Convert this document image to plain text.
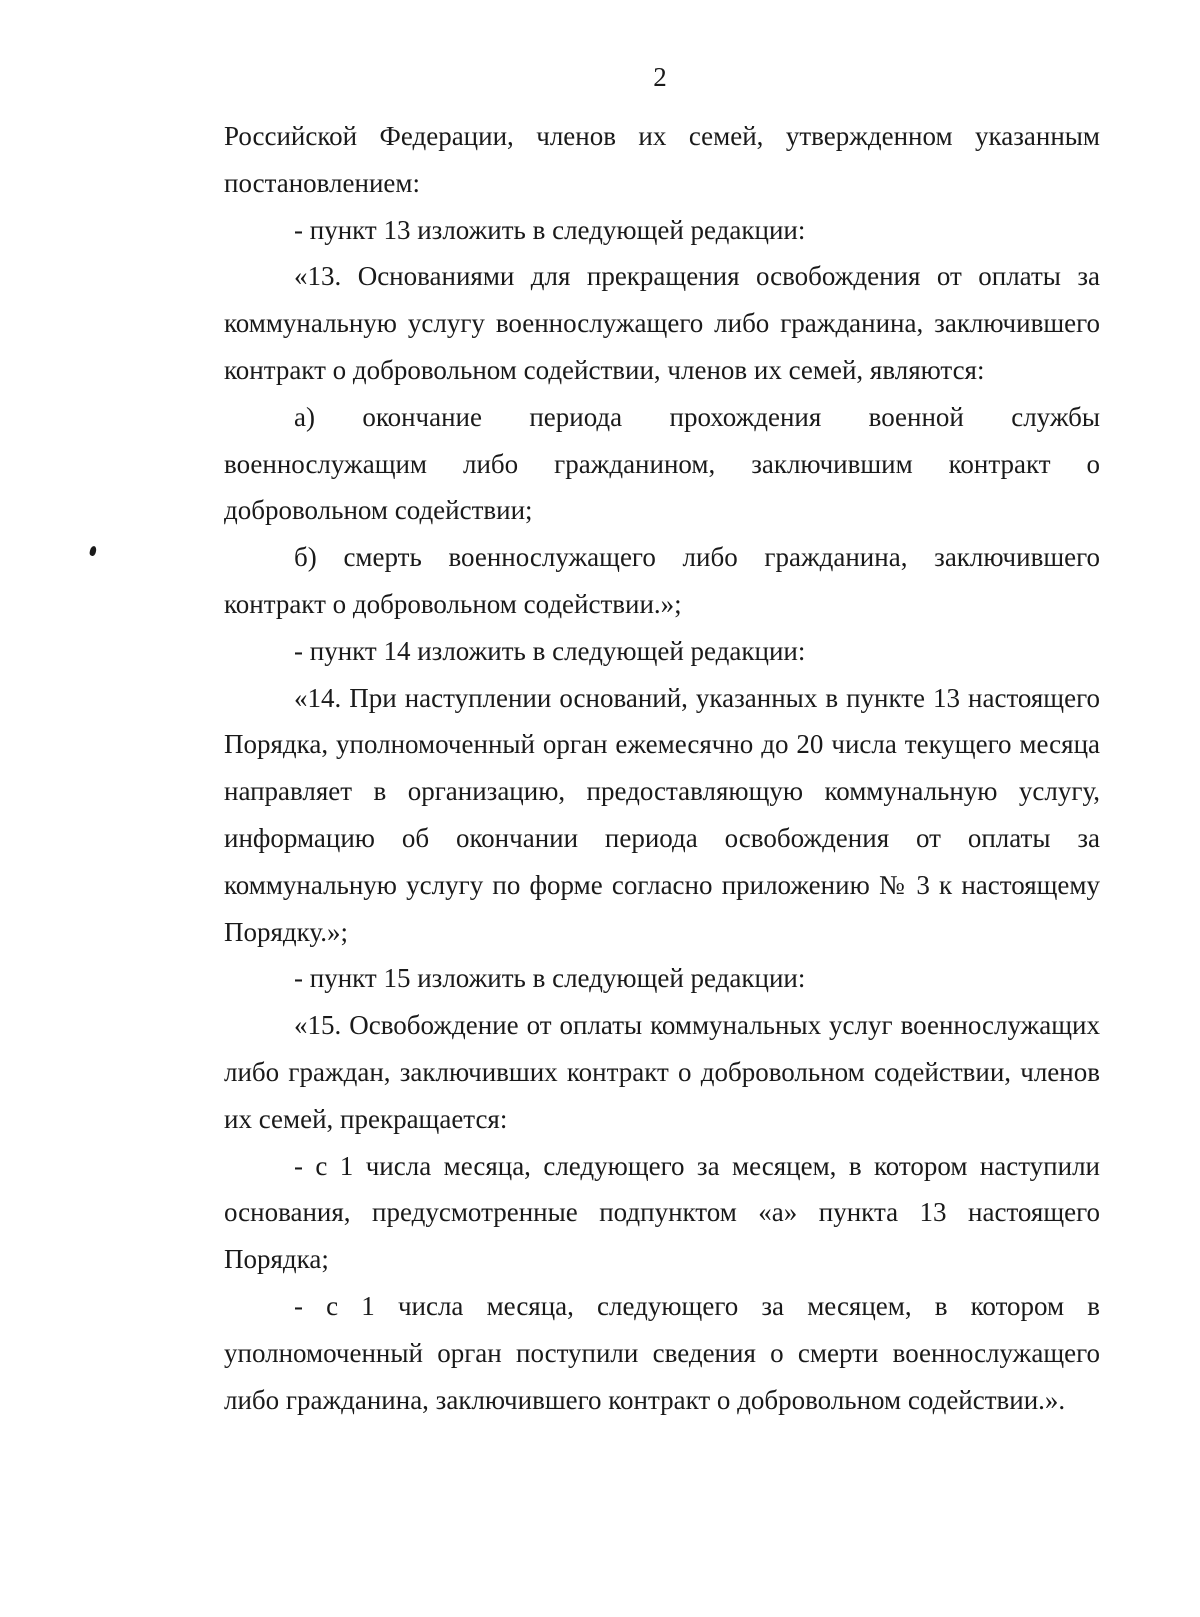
2

Российской Федерации, членов их семей, утвержденном указанным постановлением:

- пункт 13 изложить в следующей редакции:

«13. Основаниями для прекращения освобождения от оплаты за коммунальную услугу военнослужащего либо гражданина, заключившего контракт о добровольном содействии, членов их семей, являются:

а) окончание периода прохождения военной службы военнослужащим либо гражданином, заключившим контракт о добровольном содействии;

б) смерть военнослужащего либо гражданина, заключившего контракт о добровольном содействии.»;

- пункт 14 изложить в следующей редакции:

«14. При наступлении оснований, указанных в пункте 13 настоящего Порядка, уполномоченный орган ежемесячно до 20 числа текущего месяца направляет в организацию, предоставляющую коммунальную услугу, информацию об окончании периода освобождения от оплаты за коммунальную услугу по форме согласно приложению № 3 к настоящему Порядку.»;

- пункт 15 изложить в следующей редакции:

«15. Освобождение от оплаты коммунальных услуг военнослужащих либо граждан, заключивших контракт о добровольном содействии, членов их семей, прекращается:

- с 1 числа месяца, следующего за месяцем, в котором наступили основания, предусмотренные подпунктом «а» пункта 13 настоящего Порядка;

- с 1 числа месяца, следующего за месяцем, в котором в уполномоченный орган поступили сведения о смерти военнослужащего либо гражданина, заключившего контракт о добровольном содействии.».
